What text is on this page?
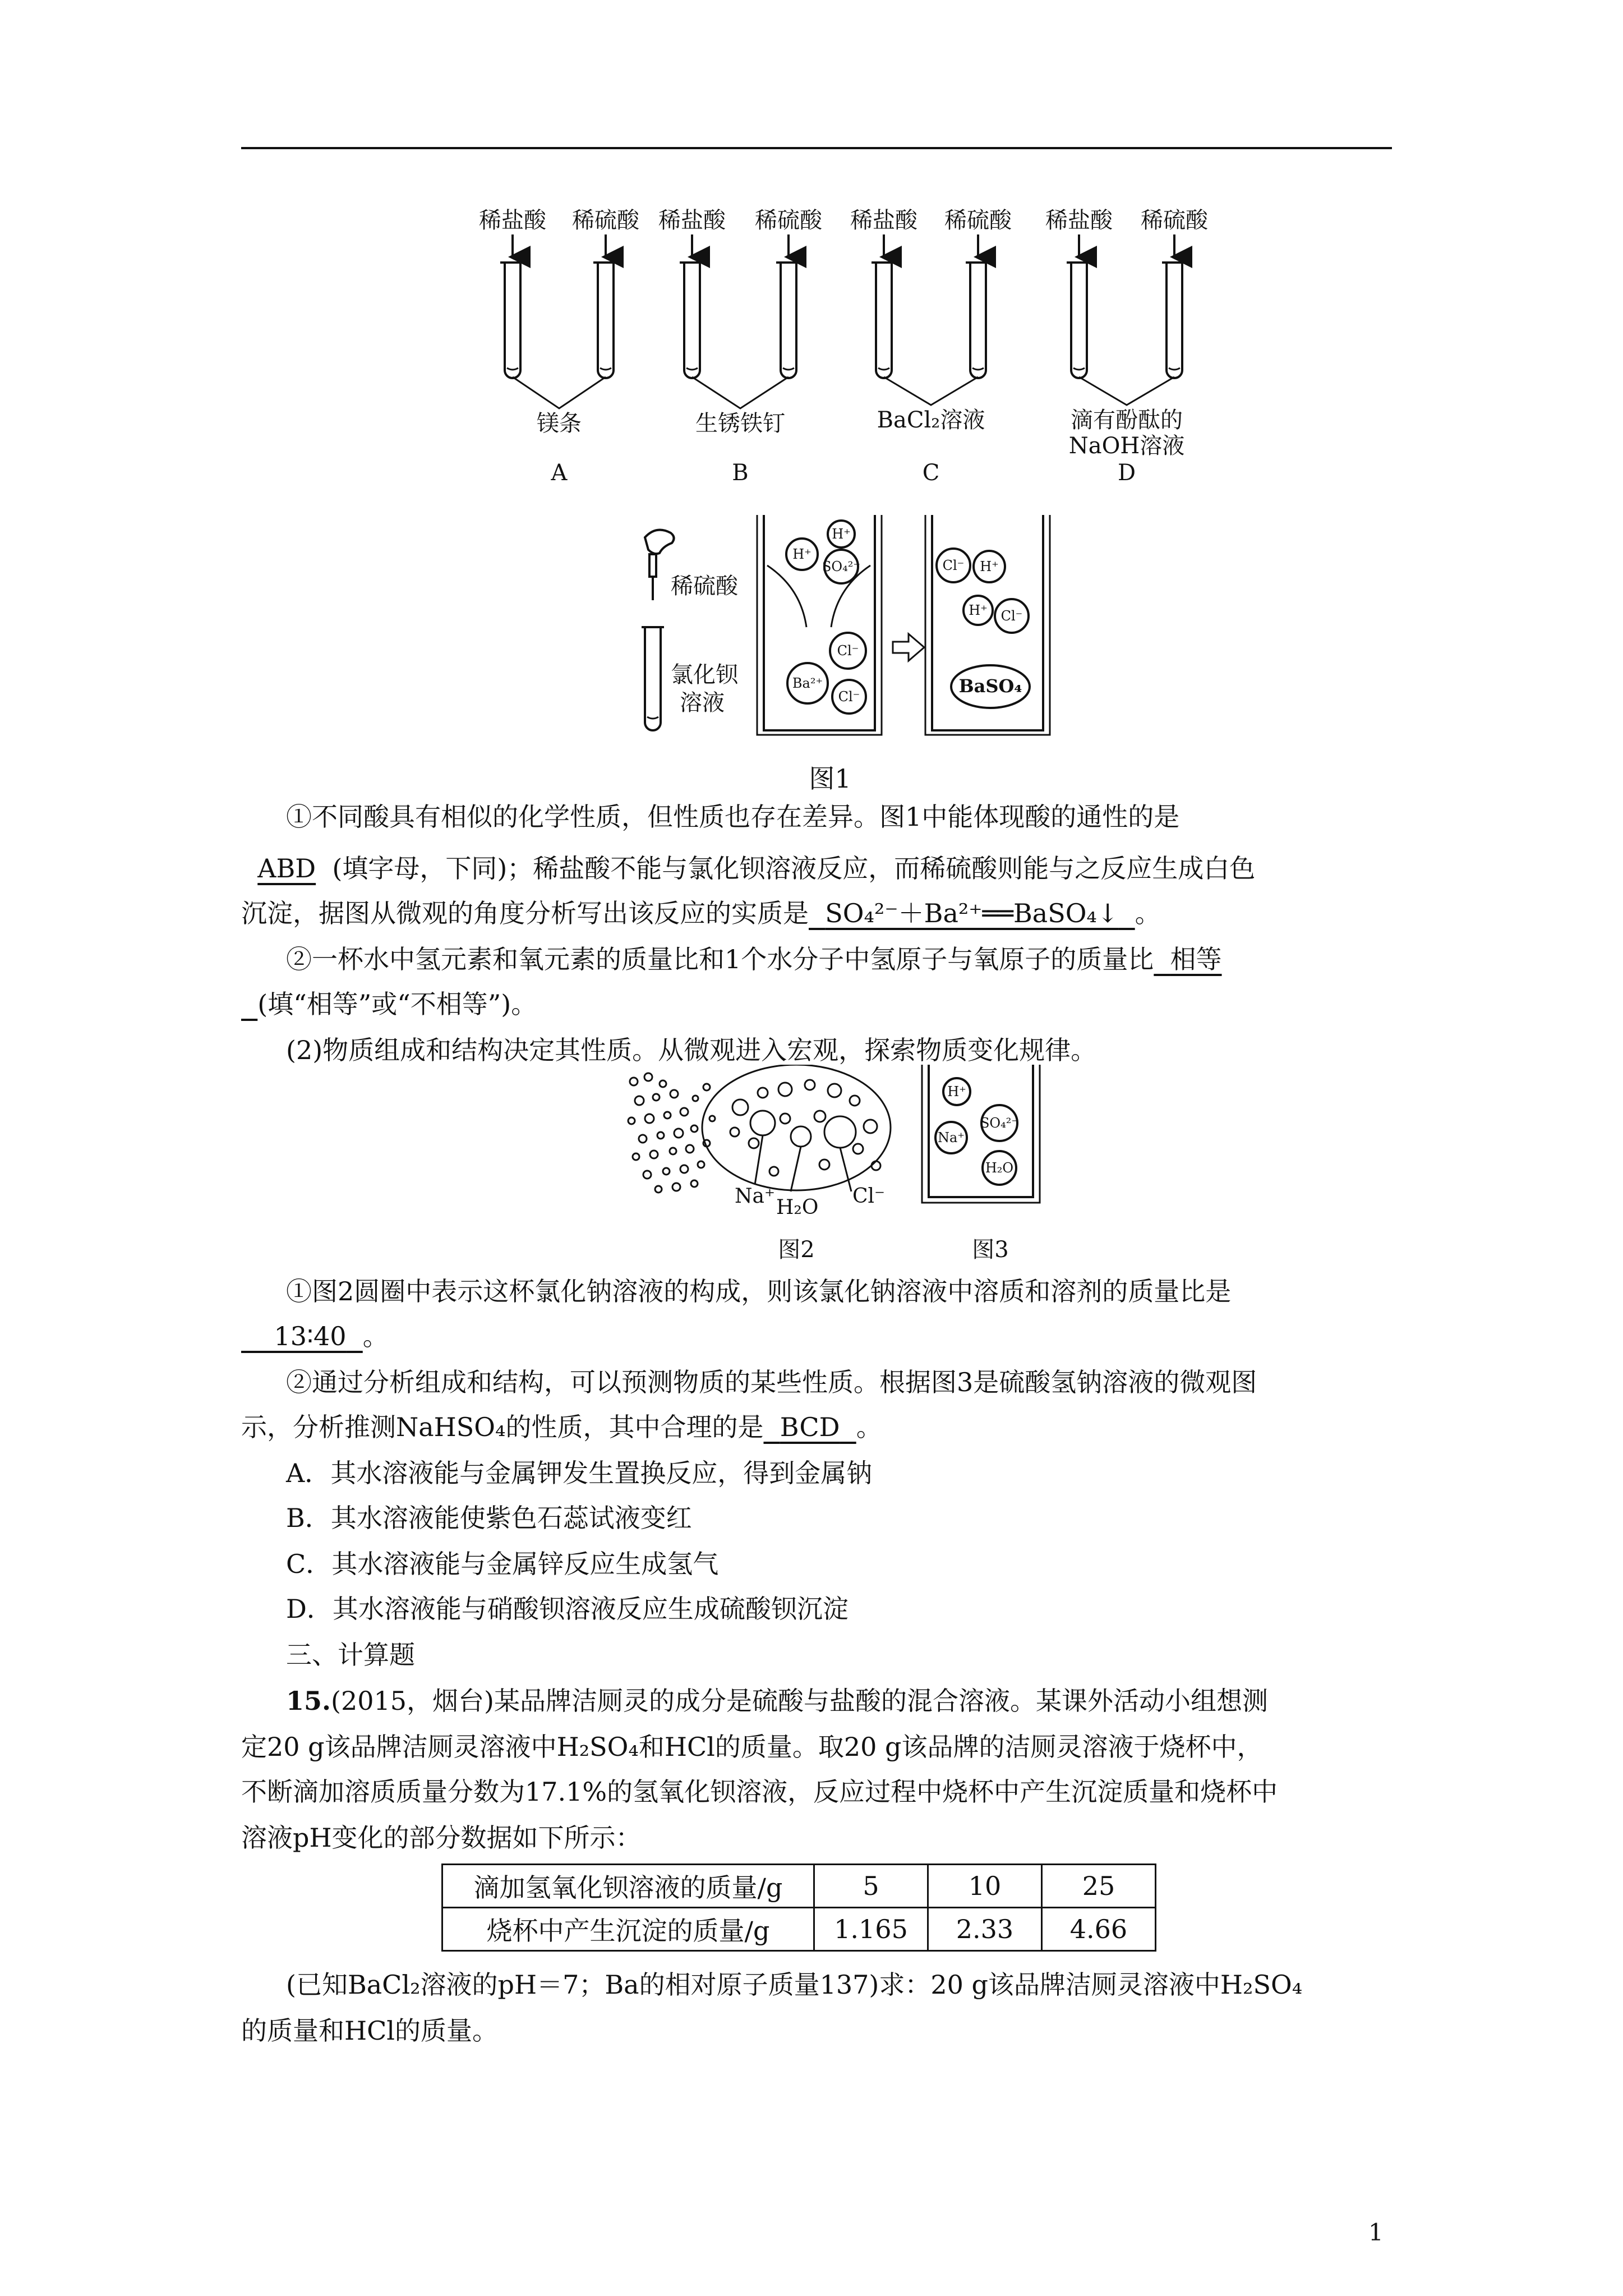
稀盐酸 稀硫酸 稀盐酸 稀硫酸 稀盐酸 稀硫酸 稀盐酸 稀硫酸
镁条	生锈铁钉	BaCl₂溶液	滴有酚酞的
NaOH溶液
A	B	C	D
稀硫酸
氯化钡
溶液
H⁺
H⁺
SO₄²⁻
Cl⁻
Ba²⁺
Cl⁻
Cl⁻ H⁺
H⁺ Cl⁻
BaSO₄
图1
①不同酸具有相似的化学性质，但性质也存在差异。图1中能体现酸的通性的是
ABD (填字母，下同)；稀盐酸不能与氯化钡溶液反应，而稀硫酸则能与之反应生成白色
沉淀，据图从微观的角度分析写出该反应的实质是 SO₄²⁻＋Ba²⁺══BaSO₄↓ 。
②一杯水中氢元素和氧元素的质量比和1个水分子中氢原子与氧原子的质量比 相等
(填“相等”或“不相等”)。
(2)物质组成和结构决定其性质。从微观进入宏观，探索物质变化规律。
Na⁺ H₂O Cl⁻
H⁺
Na⁺
SO₄²⁻
H₂O
图2	图3
①图2圆圈中表示这杯氯化钠溶液的构成，则该氯化钠溶液中溶质和溶剂的质量比是
13∶40 。
②通过分析组成和结构，可以预测物质的某些性质。根据图3是硫酸氢钠溶液的微观图
示，分析推测NaHSO₄的性质，其中合理的是 BCD 。
A．其水溶液能与金属钾发生置换反应，得到金属钠
B．其水溶液能使紫色石蕊试液变红
C．其水溶液能与金属锌反应生成氢气
D．其水溶液能与硝酸钡溶液反应生成硫酸钡沉淀
三、计算题
15.(2015，烟台)某品牌洁厕灵的成分是硫酸与盐酸的混合溶液。某课外活动小组想测
定20 g该品牌洁厕灵溶液中H₂SO₄和HCl的质量。取20 g该品牌的洁厕灵溶液于烧杯中，
不断滴加溶质质量分数为17.1%的氢氧化钡溶液，反应过程中烧杯中产生沉淀质量和烧杯中
溶液pH变化的部分数据如下所示：
滴加氢氧化钡溶液的质量/g	5	10	25
烧杯中产生沉淀的质量/g	1.165	2.33	4.66
(已知BaCl₂溶液的pH＝7；Ba的相对原子质量137)求：20 g该品牌洁厕灵溶液中H₂SO₄
的质量和HCl的质量。
1
